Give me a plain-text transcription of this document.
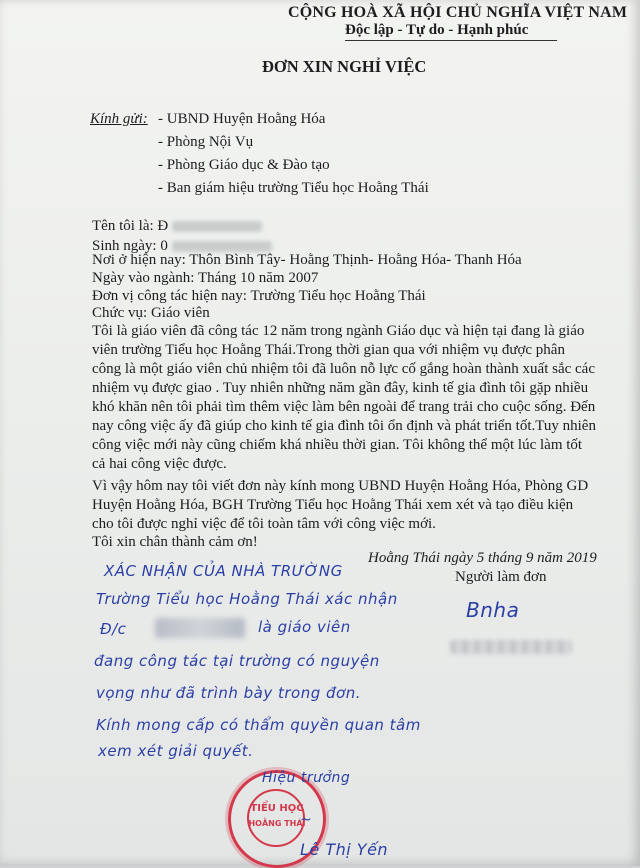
CỘNG HOÀ XÃ HỘI CHỦ NGHĨA VIỆT NAM
Độc lập - Tự do - Hạnh phúc
ĐƠN XIN NGHỈ VIỆC
Kính gửi: - UBND Huyện Hoằng Hóa
- Phòng Nội Vụ
- Phòng Giáo dục & Đào tạo
- Ban giám hiệu trường Tiểu học Hoằng Thái
Tên tôi là: Đ
Sinh ngày: 0
Nơi ở hiện nay: Thôn Bình Tây- Hoằng Thịnh- Hoằng Hóa- Thanh Hóa
Ngày vào ngành: Tháng 10 năm 2007
Đơn vị công tác hiện nay: Trường Tiểu học Hoằng Thái
Chức vụ: Giáo viên

Tôi là giáo viên đã công tác 12 năm trong ngành Giáo dục và hiện tại đang là giáo

viên trường Tiểu học Hoằng Thái.Trong thời gian qua với nhiệm vụ được phân

công là một giáo viên chủ nhiệm tôi đã luôn nỗ lực cố gắng hoàn thành xuất sắc các

nhiệm vụ được giao . Tuy nhiên những năm gần đây, kinh tế gia đình tôi gặp nhiều

khó khăn nên tôi phải tìm thêm việc làm bên ngoài để trang trải cho cuộc sống. Đến

nay công việc ấy đã giúp cho kinh tế gia đình tôi ổn định và phát triển tốt.Tuy nhiên

công việc mới này cũng chiếm khá nhiều thời gian. Tôi không thể một lúc làm tốt

cả hai công việc được.

Vì vậy hôm nay tôi viết đơn này kính mong UBND Huyện Hoằng Hóa, Phòng GD

Huyện Hoằng Hóa, BGH Trường Tiểu học Hoằng Thái xem xét và tạo điều kiện

cho tôi được nghỉ việc để tôi toàn tâm với công việc mới.

Tôi xin chân thành cảm ơn!
Hoằng Thái ngày 5 tháng 9 năm 2019
Người làm đơn
Bnha
XÁC NHẬN CỦA NHÀ TRƯỜNG
Trường Tiểu học Hoằng Thái xác nhận
Đ/c	là giáo viên
đang công tác tại trường có nguyện
vọng như đã trình bày trong đơn.
Kính mong cấp có thẩm quyền quan tâm
xem xét giải quyết.
TIỂU HỌC
HOẰNG THÁI
Hiệu trưởng
~
Lê Thị Yến
